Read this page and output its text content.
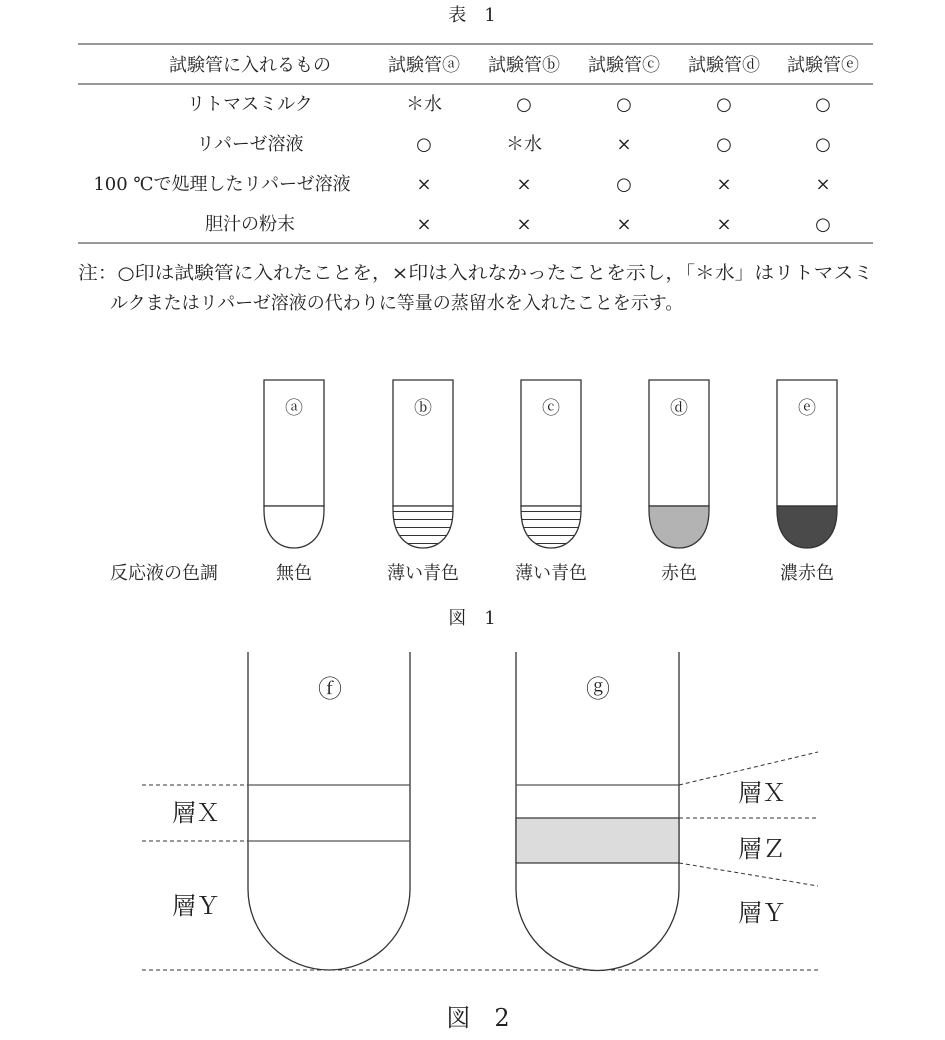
表　1
試験管に入れるもの	試験管ⓐ 試験管ⓑ 試験管ⓒ 試験管ⓓ 試験管ⓔ
リトマスミルク	＊水	○	○	○	○
リパーゼ溶液	○	＊水	×	○	○
100 ℃で処理したリパーゼ溶液	×	×	○	×	×
胆汁の粉末	×	×	×	×	○
注：○印は試験管に入れたことを，×印は入れなかったことを示し，「＊水」はリトマスミ
ルクまたはリパーゼ溶液の代わりに等量の蒸留水を入れたことを示す。
反応液の色調	無色	薄い青色	薄い青色	赤色	濃赤色
ⓐ	ⓑ	ⓒ	ⓓ	ⓔ
図　1
ⓕ	ⓖ
層Ｘ
層Ｙ
層Ｘ
層Ｚ
層Ｙ
図　2
